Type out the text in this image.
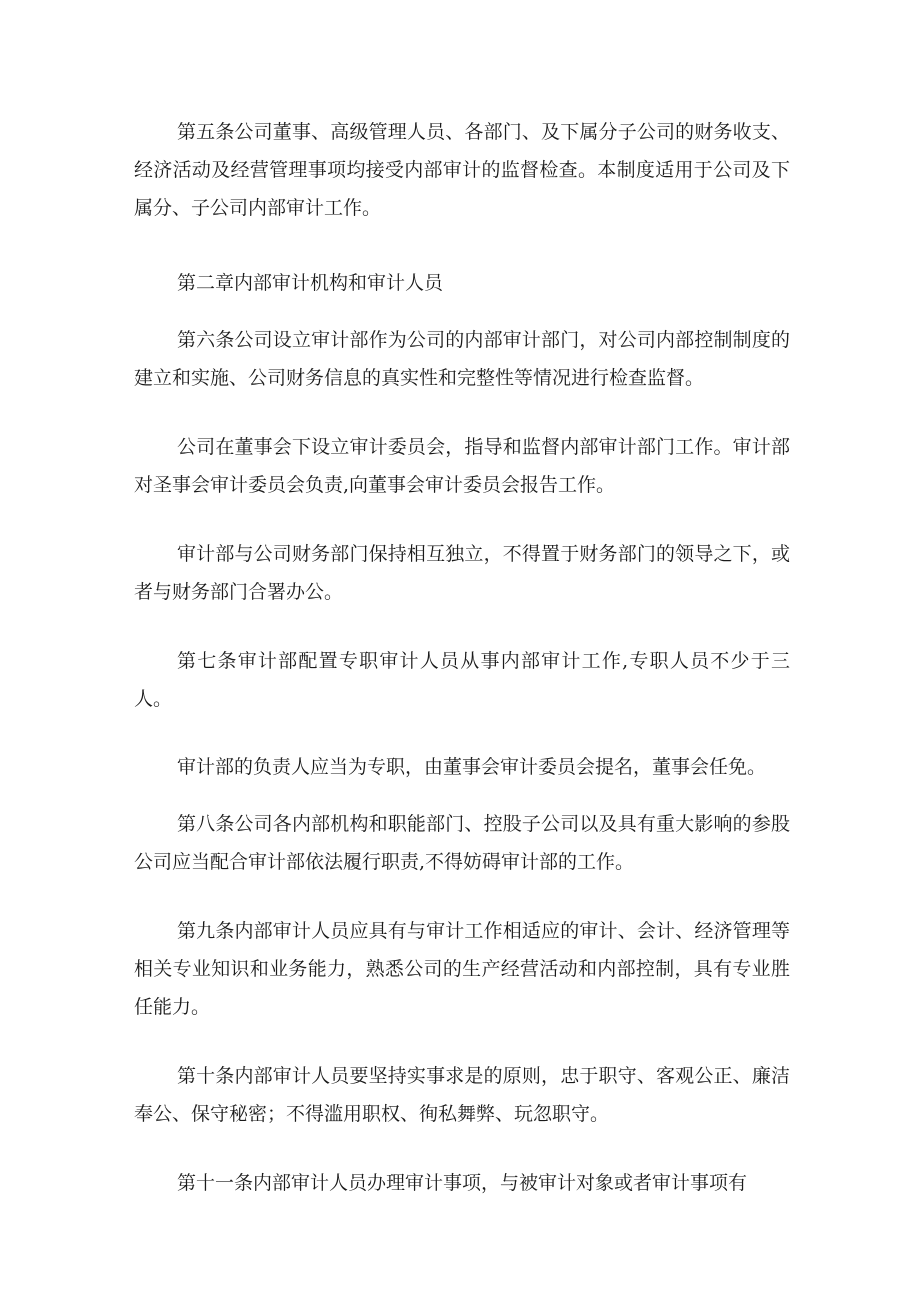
第五条公司董事、高级管理人员、各部门、及下属分子公司的财务收支、经济活动及经营管理事项均接受内部审计的监督检查。本制度适用于公司及下属分、子公司内部审计工作。

第二章内部审计机构和审计人员

第六条公司设立审计部作为公司的内部审计部门，对公司内部控制制度的建立和实施、公司财务信息的真实性和完整性等情况进行检查监督。

公司在董事会下设立审计委员会，指导和监督内部审计部门工作。审计部对圣事会审计委员会负责,向董事会审计委员会报告工作。

审计部与公司财务部门保持相互独立，不得置于财务部门的领导之下，或者与财务部门合署办公。

第七条审计部配置专职审计人员从事内部审计工作,专职人员不少于三人。

审计部的负责人应当为专职，由董事会审计委员会提名，董事会任免。

第八条公司各内部机构和职能部门、控股子公司以及具有重大影响的参股公司应当配合审计部依法履行职责,不得妨碍审计部的工作。

第九条内部审计人员应具有与审计工作相适应的审计、会计、经济管理等相关专业知识和业务能力，熟悉公司的生产经营活动和内部控制，具有专业胜任能力。

第十条内部审计人员要坚持实事求是的原则，忠于职守、客观公正、廉洁奉公、保守秘密；不得滥用职权、徇私舞弊、玩忽职守。

第十一条内部审计人员办理审计事项，与被审计对象或者审计事项有
